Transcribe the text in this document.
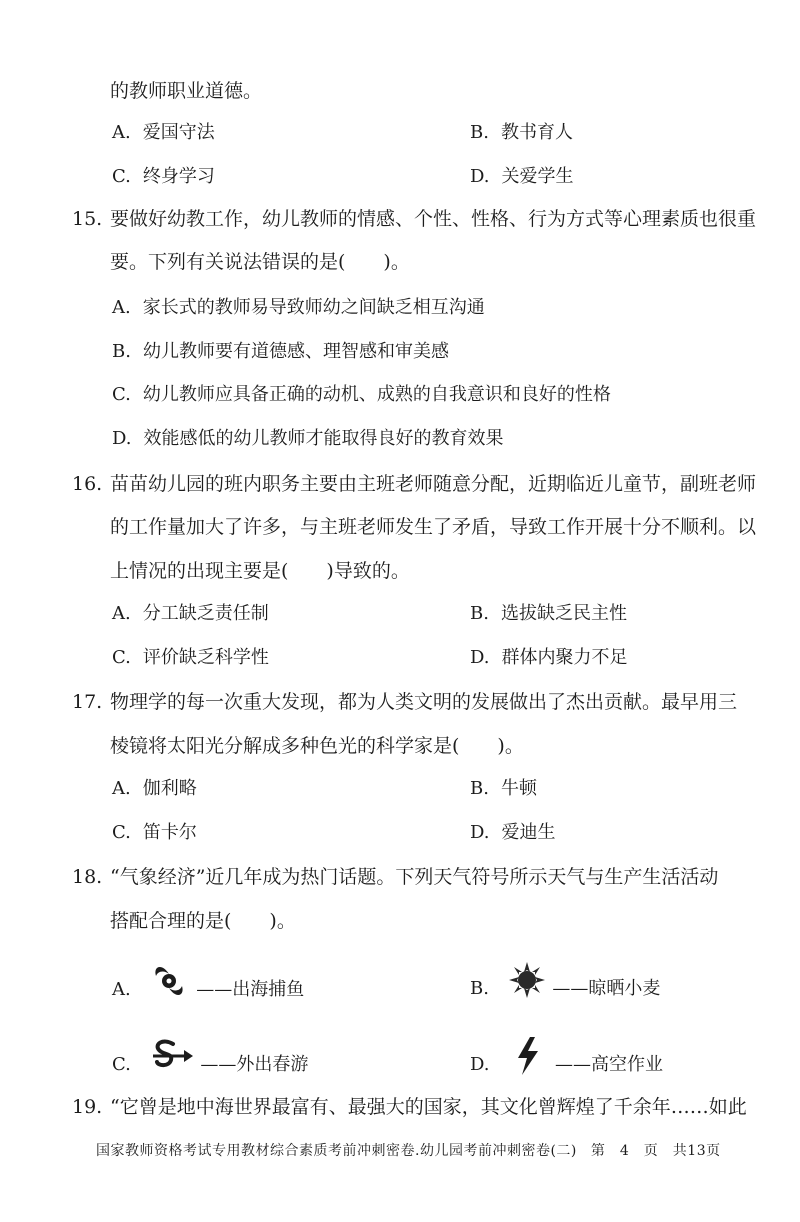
的教师职业道德。
A. 爱国守法	B. 教书育人
C. 终身学习	D. 关爱学生
15. 要做好幼教工作，幼儿教师的情感、个性、性格、行为方式等心理素质也很重
要。下列有关说法错误的是(　　)。
A. 家长式的教师易导致师幼之间缺乏相互沟通
B. 幼儿教师要有道德感、理智感和审美感
C. 幼儿教师应具备正确的动机、成熟的自我意识和良好的性格
D. 效能感低的幼儿教师才能取得良好的教育效果
16. 苗苗幼儿园的班内职务主要由主班老师随意分配，近期临近儿童节，副班老师
的工作量加大了许多，与主班老师发生了矛盾，导致工作开展十分不顺利。以
上情况的出现主要是(　　)导致的。
A. 分工缺乏责任制	B. 选拔缺乏民主性
C. 评价缺乏科学性	D. 群体内聚力不足
17. 物理学的每一次重大发现，都为人类文明的发展做出了杰出贡献。最早用三
棱镜将太阳光分解成多种色光的科学家是(　　)。
A. 伽利略	B. 牛顿
C. 笛卡尔	D. 爱迪生
18. “气象经济”近几年成为热门话题。下列天气符号所示天气与生产生活活动
搭配合理的是(　　)。
A.	——出海捕鱼	B.	——晾晒小麦
C.	——外出春游	D.	——高空作业
19. “它曾是地中海世界最富有、最强大的国家，其文化曾辉煌了千余年……如此
国家教师资格考试专用教材综合素质考前冲刺密卷.幼儿园考前冲刺密卷(二) 第　4　页　共13页
